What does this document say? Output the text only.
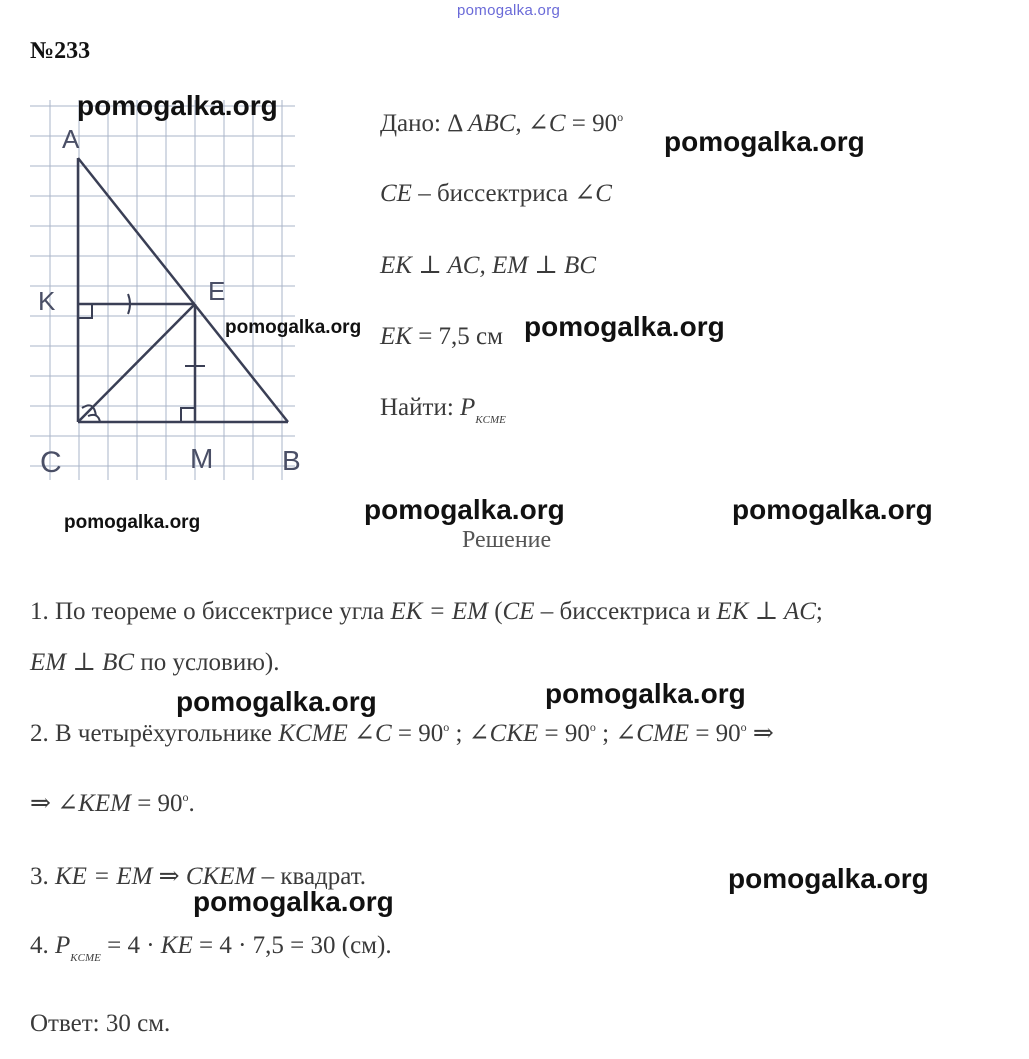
pomogalka.org
№233
A
K	E
C	M B
Дано: Δ ABC, ∠C = $90^o$
CE – биссектриса ∠C
EK ⊥ AC, EM ⊥ BC
EK = 7,5 см
Найти: $P_{KCME}$
Решение
1. По теореме о биссектрисе угла EK = EM (CE – биссектриса и EK ⊥ AC;
EM ⊥ BC по условию).
2. В четырёхугольнике KCME ∠C = $90^o$ ; ∠CKE = $90^o$ ; ∠CME = $90^o$ ⇒
⇒ ∠KEM = $90^o$.
3. KE = EM ⇒ CKEM – квадрат.
4. $P_{KCME} = 4$ · KE = 4 · 7,5 = 30 (см).
Ответ: 30 см.
pomogalka.org
pomogalka.org
pomogalka.org	pomogalka.org
pomogalka.org	pomogalka.org	pomogalka.org
pomogalka.org	pomogalka.org
pomogalka.org
pomogalka.org
